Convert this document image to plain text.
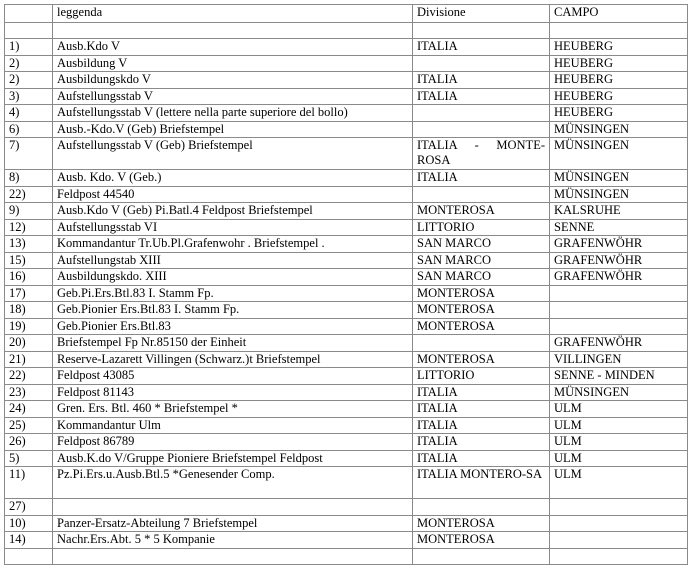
	leggenda	Divisione	CAMPO

1)	Ausb.Kdo V	ITALIA	HEUBERG
2)	Ausbildung V		HEUBERG
2)	Ausbildungskdo V	ITALIA	HEUBERG
3)	Aufstellungsstab V	ITALIA	HEUBERG
4)	Aufstellungsstab V (lettere nella parte superiore del bollo)		HEUBERG
6)	Ausb.-Kdo.V (Geb) Briefstempel		MÜNSINGEN
7)	Aufstellungsstab V (Geb) Briefstempel	ITALIA - MONTE-ROSA	MÜNSINGEN
8)	Ausb. Kdo. V (Geb.)	ITALIA	MÜNSINGEN
22)	Feldpost 44540		MÜNSINGEN
9)	Ausb.Kdo V (Geb) Pi.Batl.4 Feldpost Briefstempel	MONTEROSA	KALSRUHE
12)	Aufstellungsstab VI	LITTORIO	SENNE
13)	Kommandantur Tr.Ub.Pl.Grafenwohr . Briefstempel .	SAN MARCO	GRAFENWÖHR
15)	Aufstellungstab XIII	SAN MARCO	GRAFENWÖHR
16)	Ausbildungskdo. XIII	SAN MARCO	GRAFENWÖHR
17)	Geb.Pi.Ers.Btl.83 I. Stamm Fp.	MONTEROSA	
18)	Geb.Pionier Ers.Btl.83 I. Stamm Fp.	MONTEROSA	
19)	Geb.Pionier Ers.Btl.83	MONTEROSA	
20)	Briefstempel Fp Nr.85150 der Einheit		GRAFENWÖHR
21)	Reserve-Lazarett Villingen (Schwarz.)t Briefstempel	MONTEROSA	VILLINGEN
22)	Feldpost 43085	LITTORIO	SENNE - MINDEN
23)	Feldpost 81143	ITALIA	MÜNSINGEN
24)	Gren. Ers. Btl. 460 * Briefstempel *	ITALIA	ULM
25)	Kommandantur Ulm	ITALIA	ULM
26)	Feldpost 86789	ITALIA	ULM
5)	Ausb.K.do V/Gruppe Pioniere Briefstempel Feldpost	ITALIA	ULM
11)	Pz.Pi.Ers.u.Ausb.Btl.5 *Genesender Comp.	ITALIA MONTERO-SA	ULM
27)			
10)	Panzer-Ersatz-Abteilung 7 Briefstempel	MONTEROSA	
14)	Nachr.Ers.Abt. 5 * 5 Kompanie	MONTEROSA	
